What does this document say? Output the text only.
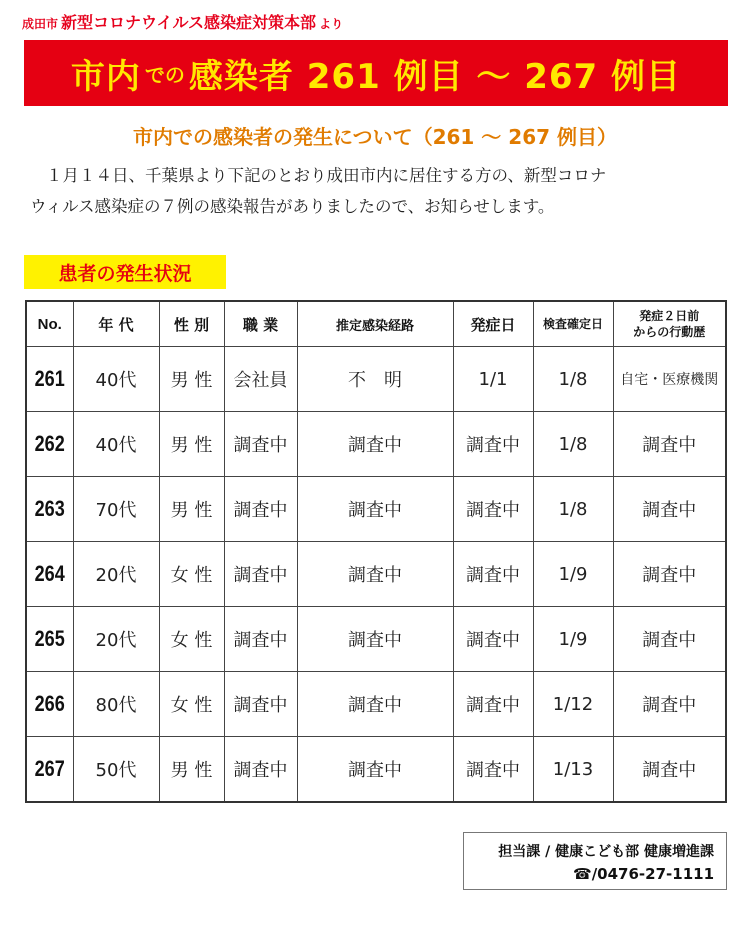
成田市 新型コロナウイルス感染症対策本部 より
市内 での 感染者 261 例目 ～ 267 例目
市内での感染者の発生について（261 ～ 267 例目）

１月１４日、千葉県より下記のとおり成田市内に居住する方の、新型コロナ

ウィルス感染症の７例の感染報告がありましたので、お知らせします。

患者の発生状況
No.	年 代	性 別	職 業	推定感染経路	発症日	検査確定日	発症２日前
からの行動歴
261	40代	男 性	会社員	不　明	1/1	1/8	自宅・医療機関
262	40代	男 性	調査中	調査中	調査中	1/8	調査中
263	70代	男 性	調査中	調査中	調査中	1/8	調査中
264	20代	女 性	調査中	調査中	調査中	1/9	調査中
265	20代	女 性	調査中	調査中	調査中	1/9	調査中
266	80代	女 性	調査中	調査中	調査中	1/12	調査中
267	50代	男 性	調査中	調査中	調査中	1/13	調査中
担当課 / 健康こども部 健康増進課
☎/0476-27-1111
